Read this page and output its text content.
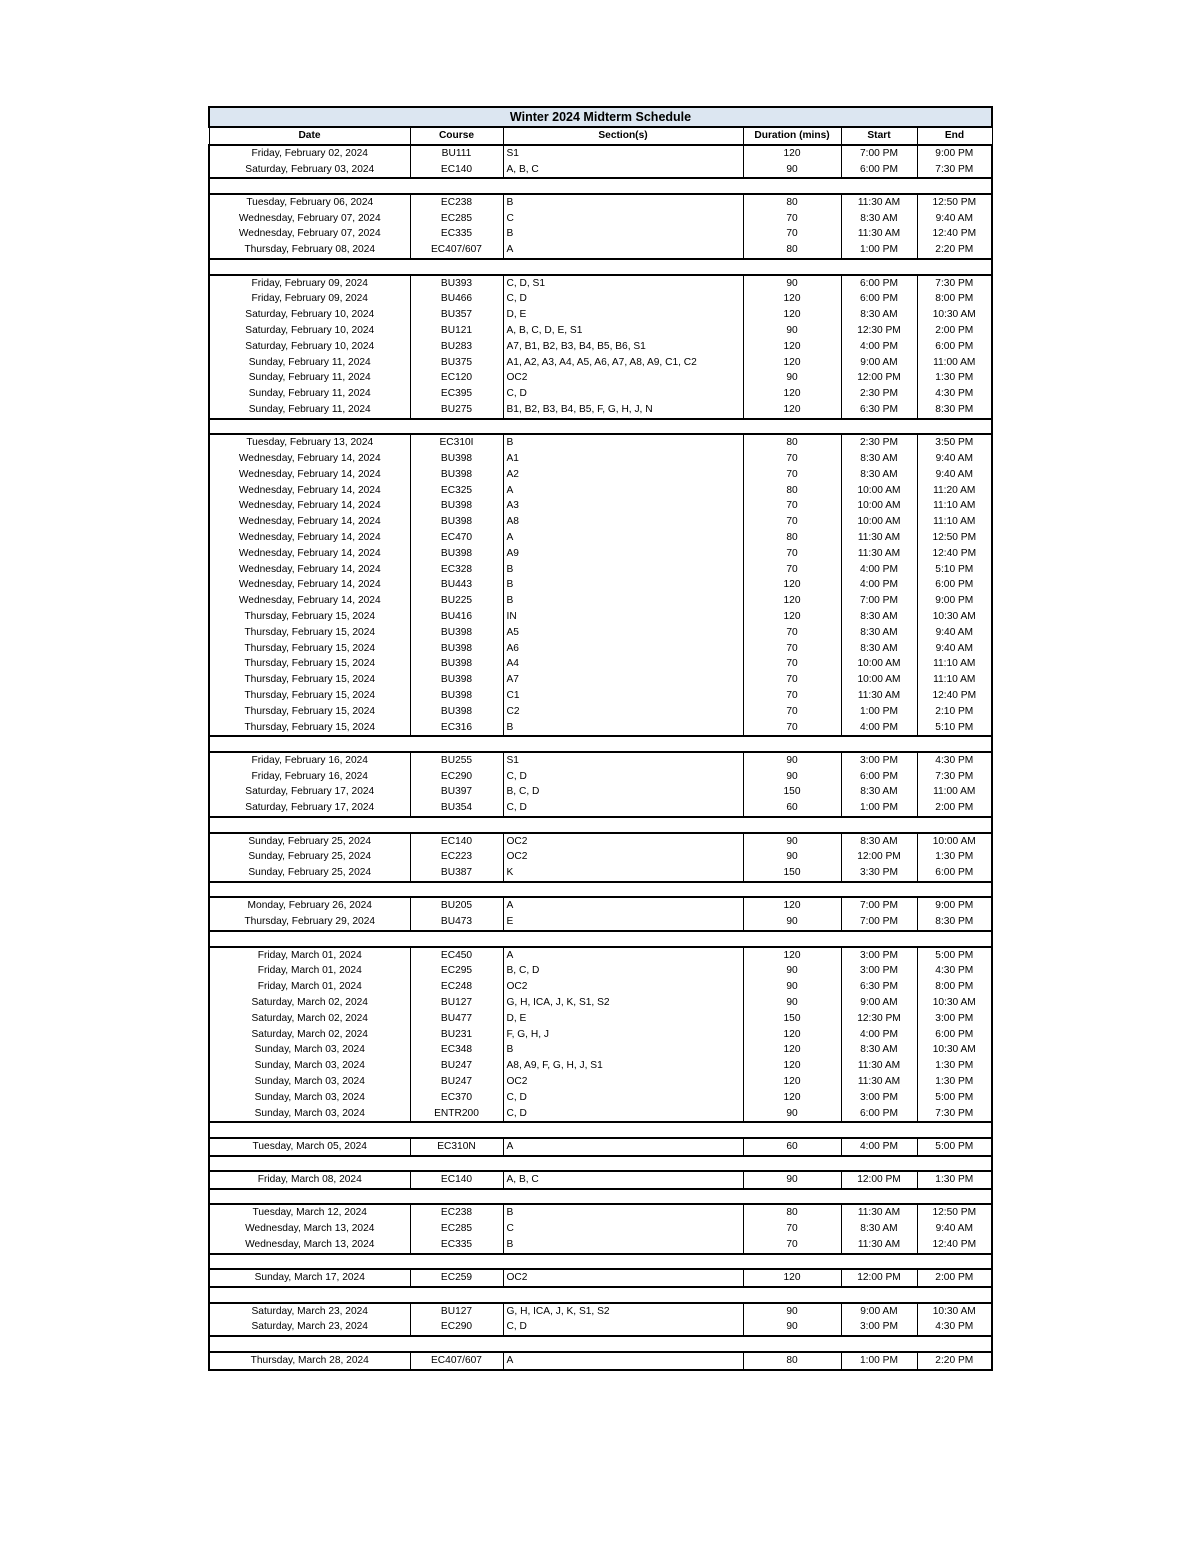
Winter 2024 Midterm Schedule					
Date	Course	Section(s)	Duration (mins)	Start	End
Friday, February 02, 2024	BU111	S1	120	7:00 PM	9:00 PM
Saturday, February 03, 2024	EC140	A, B, C	90	6:00 PM	7:30 PM

Tuesday, February 06, 2024	EC238	B	80	11:30 AM	12:50 PM
Wednesday, February 07, 2024	EC285	C	70	8:30 AM	9:40 AM
Wednesday, February 07, 2024	EC335	B	70	11:30 AM	12:40 PM
Thursday, February 08, 2024	EC407/607	A	80	1:00 PM	2:20 PM

Friday, February 09, 2024	BU393	C, D, S1	90	6:00 PM	7:30 PM
Friday, February 09, 2024	BU466	C, D	120	6:00 PM	8:00 PM
Saturday, February 10, 2024	BU357	D, E	120	8:30 AM	10:30 AM
Saturday, February 10, 2024	BU121	A, B, C, D, E, S1	90	12:30 PM	2:00 PM
Saturday, February 10, 2024	BU283	A7, B1, B2, B3, B4, B5, B6, S1	120	4:00 PM	6:00 PM
Sunday, February 11, 2024	BU375	A1, A2, A3, A4, A5, A6, A7, A8, A9, C1, C2	120	9:00 AM	11:00 AM
Sunday, February 11, 2024	EC120	OC2	90	12:00 PM	1:30 PM
Sunday, February 11, 2024	EC395	C, D	120	2:30 PM	4:30 PM
Sunday, February 11, 2024	BU275	B1, B2, B3, B4, B5, F, G, H, J, N	120	6:30 PM	8:30 PM

Tuesday, February 13, 2024	EC310I	B	80	2:30 PM	3:50 PM
Wednesday, February 14, 2024	BU398	A1	70	8:30 AM	9:40 AM
Wednesday, February 14, 2024	BU398	A2	70	8:30 AM	9:40 AM
Wednesday, February 14, 2024	EC325	A	80	10:00 AM	11:20 AM
Wednesday, February 14, 2024	BU398	A3	70	10:00 AM	11:10 AM
Wednesday, February 14, 2024	BU398	A8	70	10:00 AM	11:10 AM
Wednesday, February 14, 2024	EC470	A	80	11:30 AM	12:50 PM
Wednesday, February 14, 2024	BU398	A9	70	11:30 AM	12:40 PM
Wednesday, February 14, 2024	EC328	B	70	4:00 PM	5:10 PM
Wednesday, February 14, 2024	BU443	B	120	4:00 PM	6:00 PM
Wednesday, February 14, 2024	BU225	B	120	7:00 PM	9:00 PM
Thursday, February 15, 2024	BU416	IN	120	8:30 AM	10:30 AM
Thursday, February 15, 2024	BU398	A5	70	8:30 AM	9:40 AM
Thursday, February 15, 2024	BU398	A6	70	8:30 AM	9:40 AM
Thursday, February 15, 2024	BU398	A4	70	10:00 AM	11:10 AM
Thursday, February 15, 2024	BU398	A7	70	10:00 AM	11:10 AM
Thursday, February 15, 2024	BU398	C1	70	11:30 AM	12:40 PM
Thursday, February 15, 2024	BU398	C2	70	1:00 PM	2:10 PM
Thursday, February 15, 2024	EC316	B	70	4:00 PM	5:10 PM

Friday, February 16, 2024	BU255	S1	90	3:00 PM	4:30 PM
Friday, February 16, 2024	EC290	C, D	90	6:00 PM	7:30 PM
Saturday, February 17, 2024	BU397	B, C, D	150	8:30 AM	11:00 AM
Saturday, February 17, 2024	BU354	C, D	60	1:00 PM	2:00 PM

Sunday, February 25, 2024	EC140	OC2	90	8:30 AM	10:00 AM
Sunday, February 25, 2024	EC223	OC2	90	12:00 PM	1:30 PM
Sunday, February 25, 2024	BU387	K	150	3:30 PM	6:00 PM

Monday, February 26, 2024	BU205	A	120	7:00 PM	9:00 PM
Thursday, February 29, 2024	BU473	E	90	7:00 PM	8:30 PM

Friday, March 01, 2024	EC450	A	120	3:00 PM	5:00 PM
Friday, March 01, 2024	EC295	B, C, D	90	3:00 PM	4:30 PM
Friday, March 01, 2024	EC248	OC2	90	6:30 PM	8:00 PM
Saturday, March 02, 2024	BU127	G, H, ICA, J, K, S1, S2	90	9:00 AM	10:30 AM
Saturday, March 02, 2024	BU477	D, E	150	12:30 PM	3:00 PM
Saturday, March 02, 2024	BU231	F, G, H, J	120	4:00 PM	6:00 PM
Sunday, March 03, 2024	EC348	B	120	8:30 AM	10:30 AM
Sunday, March 03, 2024	BU247	A8, A9, F, G, H, J, S1	120	11:30 AM	1:30 PM
Sunday, March 03, 2024	BU247	OC2	120	11:30 AM	1:30 PM
Sunday, March 03, 2024	EC370	C, D	120	3:00 PM	5:00 PM
Sunday, March 03, 2024	ENTR200	C, D	90	6:00 PM	7:30 PM

Tuesday, March 05, 2024	EC310N	A	60	4:00 PM	5:00 PM

Friday, March 08, 2024	EC140	A, B, C	90	12:00 PM	1:30 PM

Tuesday, March 12, 2024	EC238	B	80	11:30 AM	12:50 PM
Wednesday, March 13, 2024	EC285	C	70	8:30 AM	9:40 AM
Wednesday, March 13, 2024	EC335	B	70	11:30 AM	12:40 PM

Sunday, March 17, 2024	EC259	OC2	120	12:00 PM	2:00 PM

Saturday, March 23, 2024	BU127	G, H, ICA, J, K, S1, S2	90	9:00 AM	10:30 AM
Saturday, March 23, 2024	EC290	C, D	90	3:00 PM	4:30 PM

Thursday, March 28, 2024	EC407/607	A	80	1:00 PM	2:20 PM
